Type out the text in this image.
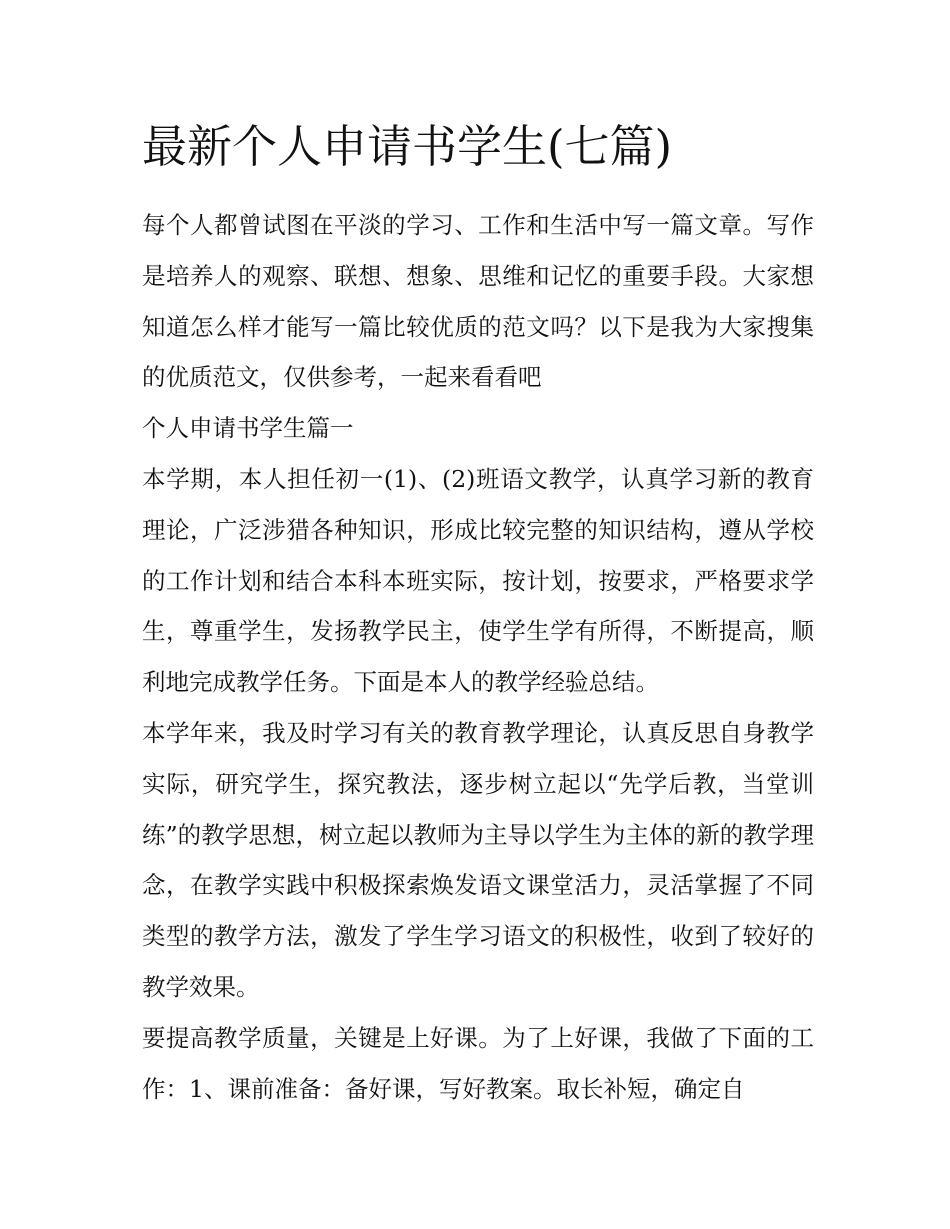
最新个人申请书学生(七篇)

每个人都曾试图在平淡的学习、工作和生活中写一篇文章。写作是培养人的观察、联想、想象、思维和记忆的重要手段。大家想知道怎么样才能写一篇比较优质的范文吗？以下是我为大家搜集的优质范文，仅供参考，一起来看看吧

个人申请书学生篇一

本学期，本人担任初一(1)、(2)班语文教学，认真学习新的教育理论，广泛涉猎各种知识，形成比较完整的知识结构，遵从学校的工作计划和结合本科本班实际，按计划，按要求，严格要求学生，尊重学生，发扬教学民主，使学生学有所得，不断提高，顺利地完成教学任务。下面是本人的教学经验总结。

本学年来，我及时学习有关的教育教学理论，认真反思自身教学实际，研究学生，探究教法，逐步树立起以“先学后教，当堂训练”的教学思想，树立起以教师为主导以学生为主体的新的教学理念，在教学实践中积极探索焕发语文课堂活力，灵活掌握了不同类型的教学方法，激发了学生学习语文的积极性，收到了较好的教学效果。

要提高教学质量，关键是上好课。为了上好课，我做了下面的工作：1、课前准备：备好课，写好教案。取长补短，确定自
